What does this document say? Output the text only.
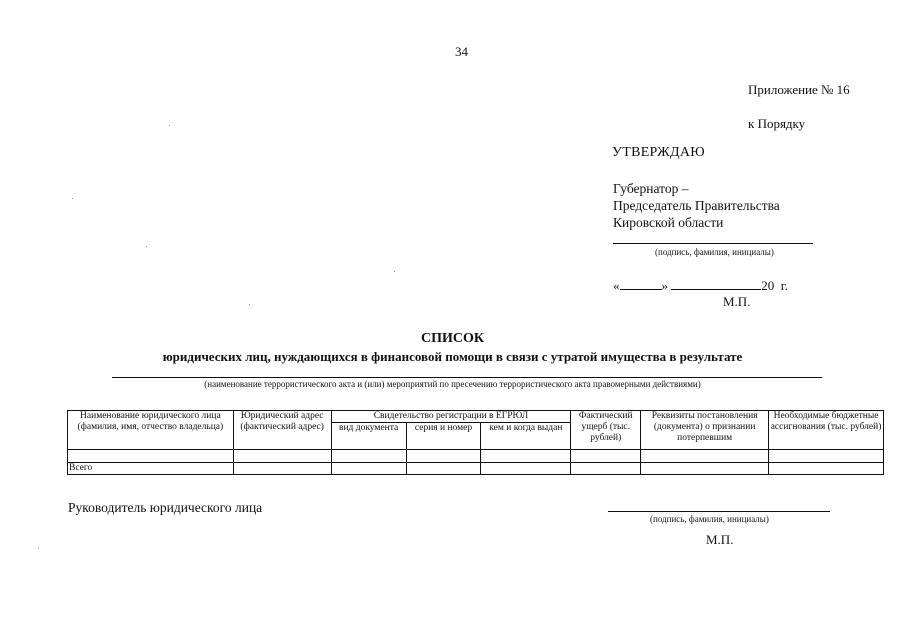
34
Приложение № 16
к Порядку
УТВЕРЖДАЮ
Губернатор –
Председатель Правительства
Кировской области
(подпись, фамилия, инициалы)
«	»	20 г.
М.П.
СПИСОК
юридических лиц, нуждающихся в финансовой помощи в связи с утратой имущества в результате
(наименование террористического акта и (или) мероприятий по пресечению террористического акта правомерными действиями)
Наименование юридического лица (фамилия, имя, отчество владельца)	Юридический адрес (фактический адрес)	Свидетельство регистрации в ЕГРЮЛ			Фактический ущерб (тыс. рублей)	Реквизиты постановления (документа) о признании потерпевшим	Необходимые бюджетные ассигнования (тыс. рублей)
		вид документа	серия и номер	кем и когда выдан			

Всего							
Руководитель юридического лица
(подпись, фамилия, инициалы)
М.П.
